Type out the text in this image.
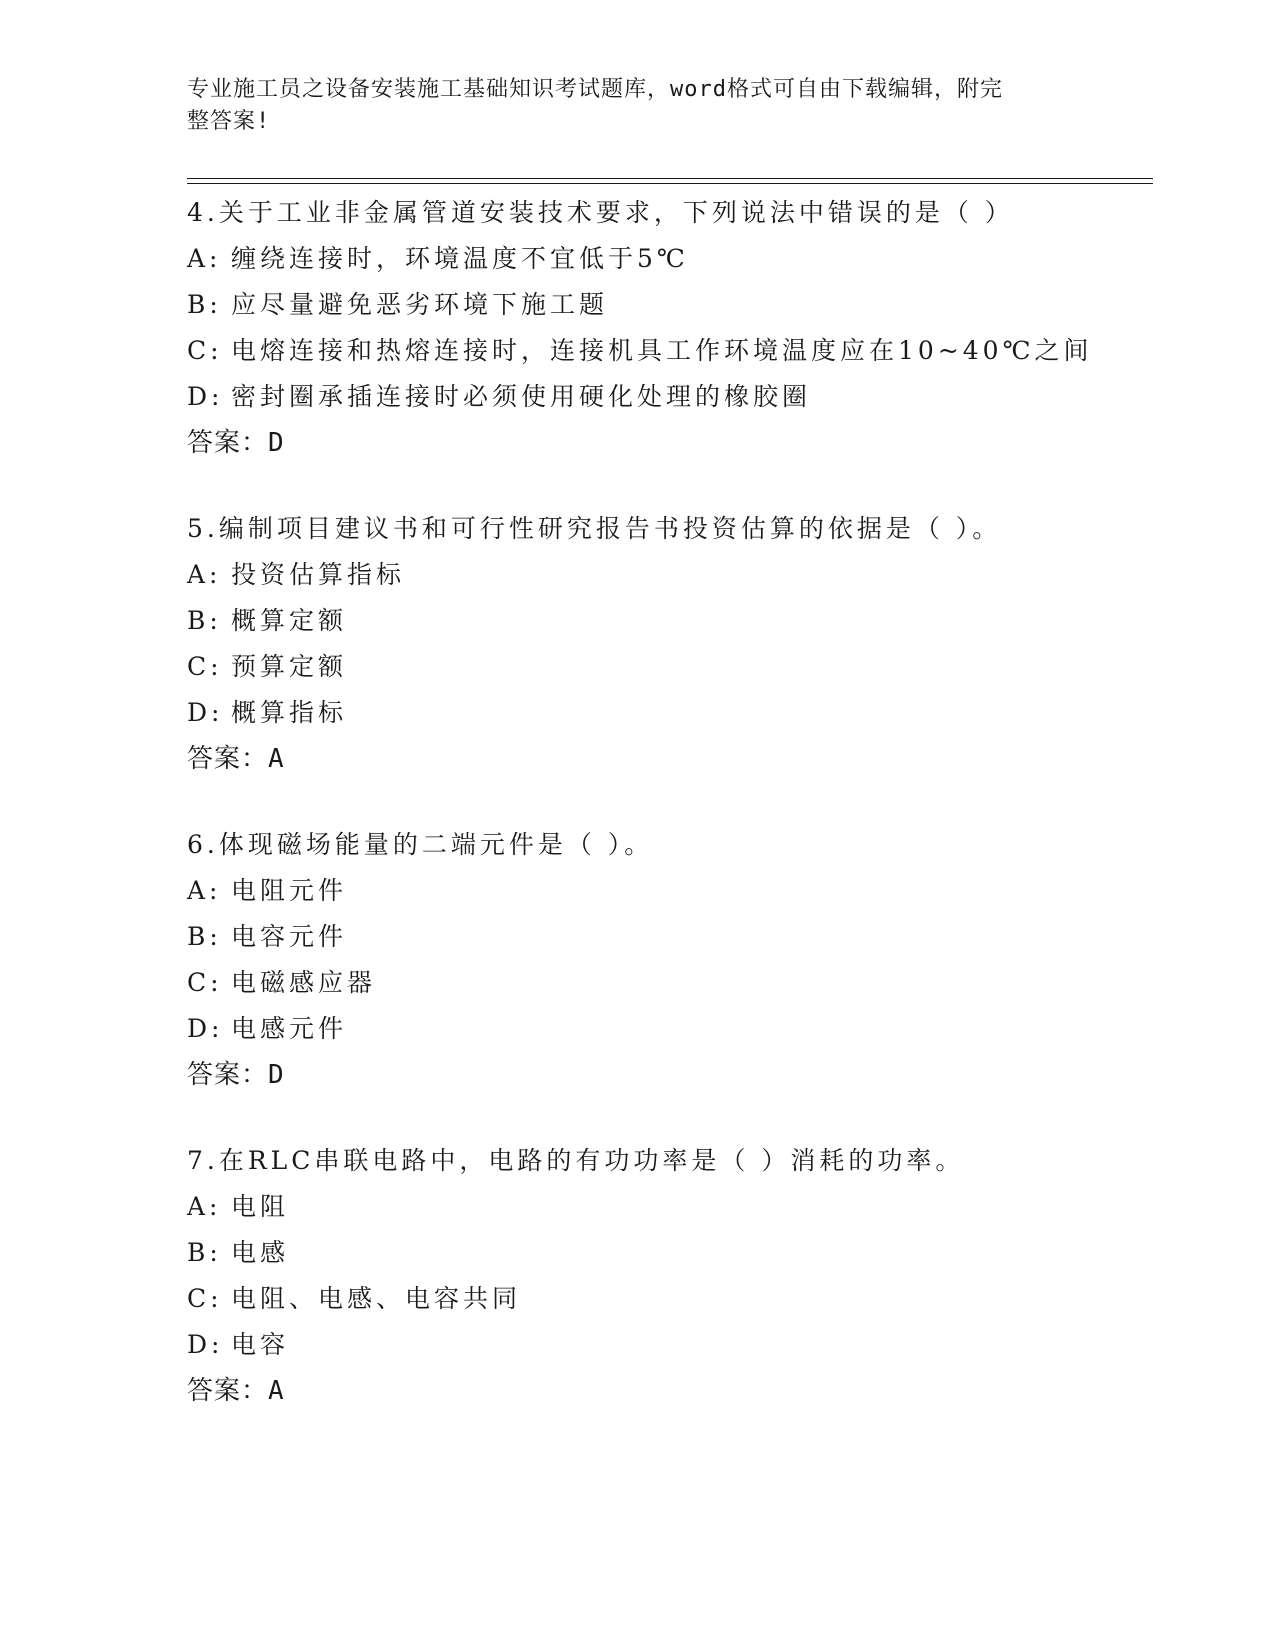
专业施工员之设备安装施工基础知识考试题库，word格式可自由下载编辑，附完
整答案!
4.关于工业非金属管道安装技术要求，下列说法中错误的是（ ）
A: 缠绕连接时，环境温度不宜低于5℃
B: 应尽量避免恶劣环境下施工题
C: 电熔连接和热熔连接时，连接机具工作环境温度应在10~40℃之间
D: 密封圈承插连接时必须使用硬化处理的橡胶圈
答案：D
5.编制项目建议书和可行性研究报告书投资估算的依据是（ ）。
A: 投资估算指标
B: 概算定额
C: 预算定额
D: 概算指标
答案：A
6.体现磁场能量的二端元件是（ ）。
A: 电阻元件
B: 电容元件
C: 电磁感应器
D: 电感元件
答案：D
7.在RLC串联电路中，电路的有功功率是（ ）消耗的功率。
A: 电阻
B: 电感
C: 电阻、电感、电容共同
D: 电容
答案：A
